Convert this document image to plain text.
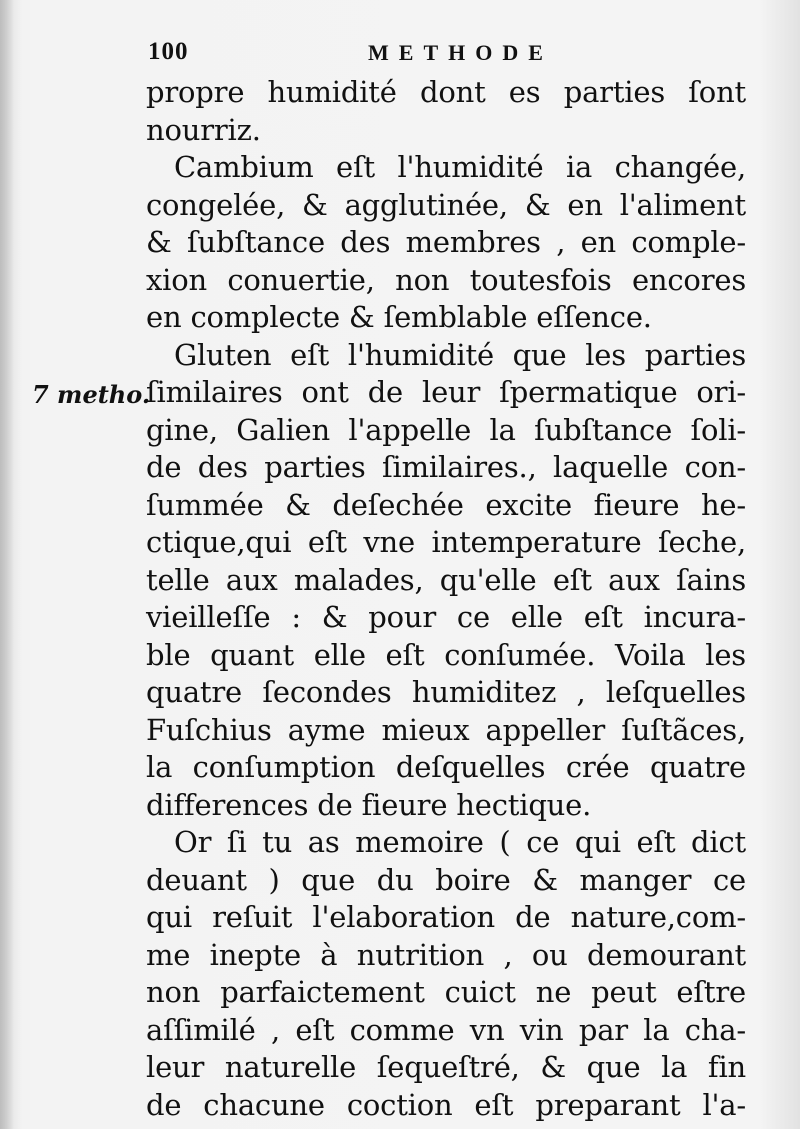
100	METHODE
7 metho.
propre humidité dont es parties ſont
nourriz.
Cambium eſt l'humidité ia changée,
congelée, & agglutinée, & en l'aliment
& ſubſtance des membres , en comple-
xion conuertie, non toutesfois encores
en complecte & ſemblable eſſence.
Gluten eſt l'humidité que les parties
ſimilaires ont de leur ſpermatique ori-
gine, Galien l'appelle la ſubſtance ſoli-
de des parties ſimilaires., laquelle con-
ſummée & deſechée excite fieure he-
ctique,qui eſt vne intemperature ſeche,
telle aux malades, qu'elle eſt aux ſains
vieilleſſe : & pour ce elle eſt incura-
ble quant elle eſt conſumée. Voila les
quatre ſecondes humiditez , leſquelles
Fuſchius ayme mieux appeller ſuſtãces,
la conſumption deſquelles crée quatre
differences de fieure hectique.
Or ſi tu as memoire ( ce qui eſt dict
deuant ) que du boire & manger ce
qui reſuit l'elaboration de nature,com-
me inepte à nutrition , ou demourant
non parfaictement cuict ne peut eſtre
aſſimilé , eſt comme vn vin par la cha-
leur naturelle ſequeſtré, & que la fin
de chacune coction eſt preparant l'a-
